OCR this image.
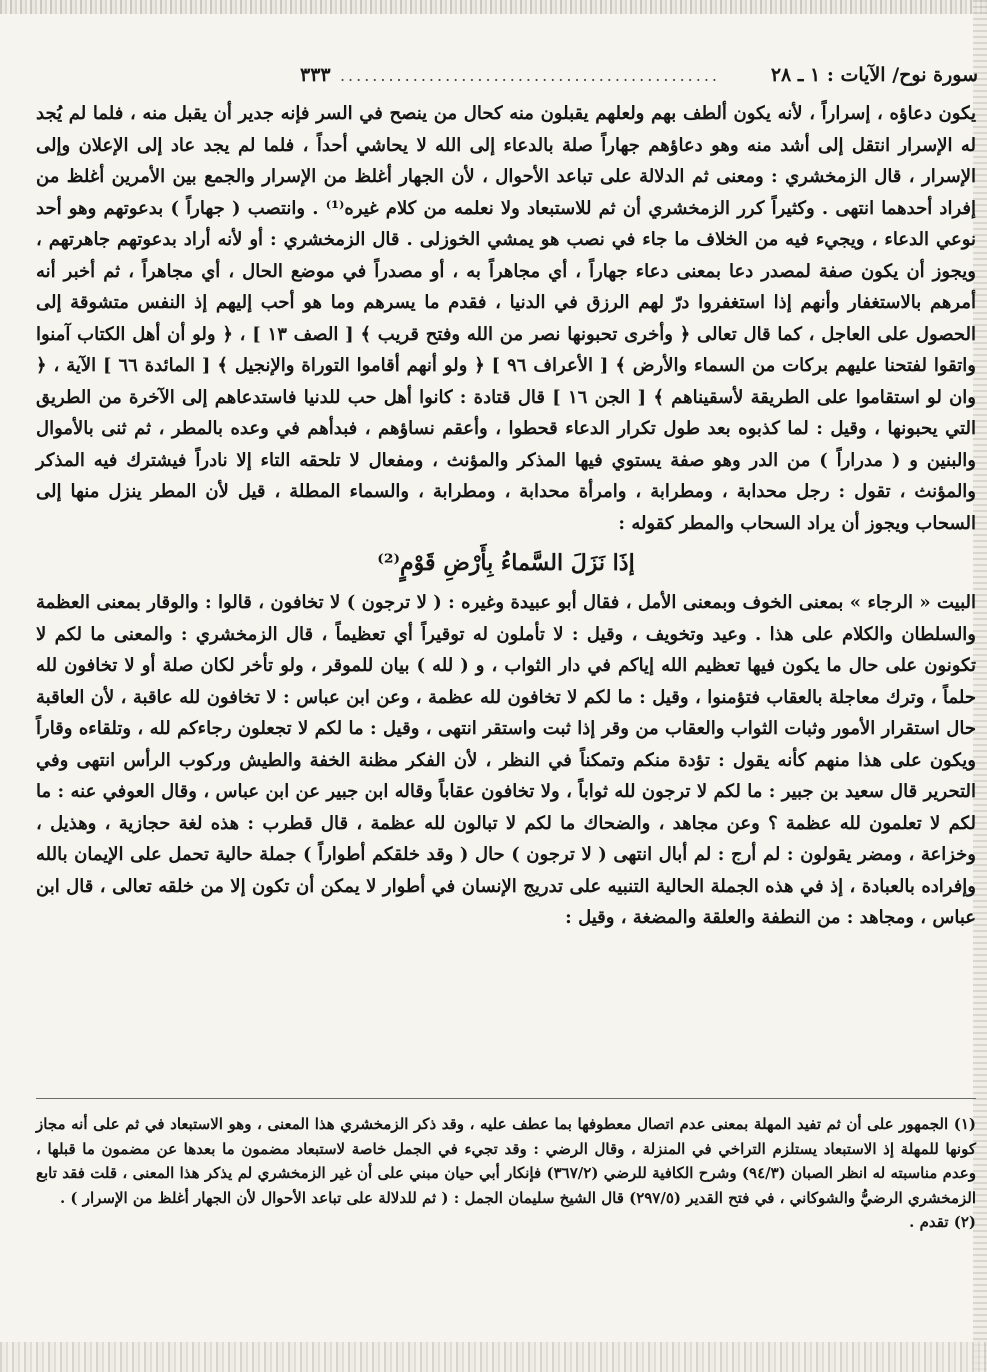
سورة نوح/ الآيات : ١ ـ ٢٨
...............................................
٣٣٣

يكون دعاؤه ، إسراراً ، لأنه يكون ألطف بهم ولعلهم يقبلون منه كحال من ينصح في السر فإنه جدير أن يقبل منه ، فلما لم يُجد له الإسرار انتقل إلى أشد منه وهو دعاؤهم جهاراً صلة بالدعاء إلى الله لا يحاشي أحداً ، فلما لم يجد عاد إلى الإعلان وإلى الإسرار ، قال الزمخشري : ومعنى ثم الدلالة على تباعد الأحوال ، لأن الجهار أغلظ من الإسرار والجمع بين الأمرين أغلظ من إفراد أحدهما انتهى . وكثيراً كرر الزمخشري أن ثم للاستبعاد ولا نعلمه من كلام غيره⁽¹⁾ . وانتصب ( جهاراً ) بدعوتهم وهو أحد نوعي الدعاء ، ويجيء فيه من الخلاف ما جاء في نصب هو يمشي الخوزلى . قال الزمخشري : أو لأنه أراد بدعوتهم جاهرتهم ، ويجوز أن يكون صفة لمصدر دعا بمعنى دعاء جهاراً ، أي مجاهراً به ، أو مصدراً في موضع الحال ، أي مجاهراً ، ثم أخبر أنه أمرهم بالاستغفار وأنهم إذا استغفروا درّ لهم الرزق في الدنيا ، فقدم ما يسرهم وما هو أحب إليهم إذ النفس متشوقة إلى الحصول على العاجل ، كما قال تعالى ﴿ وأخرى تحبونها نصر من الله وفتح قريب ﴾ [ الصف ١٣ ] ، ﴿ ولو أن أهل الكتاب آمنوا واتقوا لفتحنا عليهم بركات من السماء والأرض ﴾ [ الأعراف ٩٦ ] ﴿ ولو أنهم أقاموا التوراة والإنجيل ﴾ [ المائدة ٦٦ ] الآية ، ﴿ وان لو استقاموا على الطريقة لأسقيناهم ﴾ [ الجن ١٦ ] قال قتادة : كانوا أهل حب للدنيا فاستدعاهم إلى الآخرة من الطريق التي يحبونها ، وقيل : لما كذبوه بعد طول تكرار الدعاء قحطوا ، وأعقم نساؤهم ، فبدأهم في وعده بالمطر ، ثم ثنى بالأموال والبنين و ( مدراراً ) من الدر وهو صفة يستوي فيها المذكر والمؤنث ، ومفعال لا تلحقه التاء إلا نادراً فيشترك فيه المذكر والمؤنث ، تقول : رجل محدابة ، ومطرابة ، وامرأة محدابة ، ومطرابة ، والسماء المطلة ، قيل لأن المطر ينزل منها إلى السحاب ويجوز أن يراد السحاب والمطر كقوله :

إذَا نَزَلَ السَّماءُ بِأَرْضِ قَوْمٍ⁽²⁾

البيت « الرجاء » بمعنى الخوف وبمعنى الأمل ، فقال أبو عبيدة وغيره : ( لا ترجون ) لا تخافون ، قالوا : والوقار بمعنى العظمة والسلطان والكلام على هذا . وعيد وتخويف ، وقيل : لا تأملون له توقيراً أي تعظيماً ، قال الزمخشري : والمعنى ما لكم لا تكونون على حال ما يكون فيها تعظيم الله إياكم في دار الثواب ، و ( لله ) بيان للموقر ، ولو تأخر لكان صلة أو لا تخافون لله حلماً ، وترك معاجلة بالعقاب فتؤمنوا ، وقيل : ما لكم لا تخافون لله عظمة ، وعن ابن عباس : لا تخافون لله عاقبة ، لأن العاقبة حال استقرار الأمور وثبات الثواب والعقاب من وقر إذا ثبت واستقر انتهى ، وقيل : ما لكم لا تجعلون رجاءكم لله ، وتلقاءه وقاراً ويكون على هذا منهم كأنه يقول : تؤدة منكم وتمكناً في النظر ، لأن الفكر مظنة الخفة والطيش وركوب الرأس انتهى وفي التحرير قال سعيد بن جبير : ما لكم لا ترجون لله ثواباً ، ولا تخافون عقاباً وقاله ابن جبير عن ابن عباس ، وقال العوفي عنه : ما لكم لا تعلمون لله عظمة ؟ وعن مجاهد ، والضحاك ما لكم لا تبالون لله عظمة ، قال قطرب : هذه لغة حجازية ، وهذيل ، وخزاعة ، ومضر يقولون : لم أرج : لم أبال انتهى ( لا ترجون ) حال ( وقد خلقكم أطواراً ) جملة حالية تحمل على الإيمان بالله وإفراده بالعبادة ، إذ في هذه الجملة الحالية التنبيه على تدريج الإنسان في أطوار لا يمكن أن تكون إلا من خلقه تعالى ، قال ابن عباس ، ومجاهد : من النطفة والعلقة والمضغة ، وقيل :

(١) الجمهور على أن ثم تفيد المهلة بمعنى عدم اتصال معطوفها بما عطف عليه ، وقد ذكر الزمخشري هذا المعنى ، وهو الاستبعاد في ثم على أنه مجاز كونها للمهلة إذ الاستبعاد يستلزم التراخي في المنزلة ، وقال الرضي : وقد تجيء في الجمل خاصة لاستبعاد مضمون ما بعدها عن مضمون ما قبلها ، وعدم مناسبته له انظر الصبان (٩٤/٣) وشرح الكافية للرضي (٣٦٧/٢) فإنكار أبي حيان مبني على أن غير الزمخشري لم يذكر هذا المعنى ، قلت فقد تابع الزمخشري الرضيُّ والشوكاني ، في فتح القدير (٢٩٧/٥) قال الشيخ سليمان الجمل : ( ثم للدلالة على تباعد الأحوال لأن الجهار أغلظ من الإسرار ) .

(٢) تقدم .
